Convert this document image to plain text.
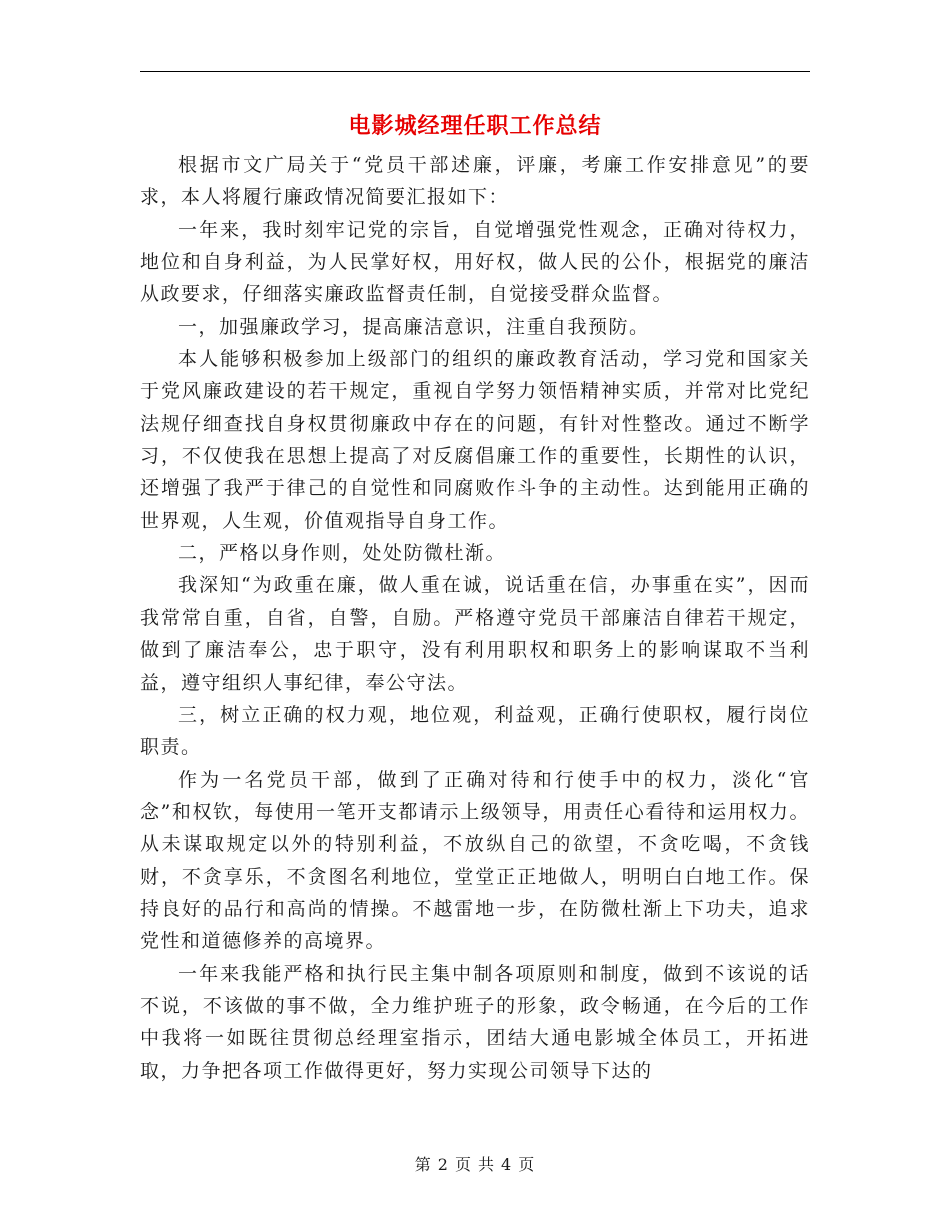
电影城经理任职工作总结

根据市文广局关于“党员干部述廉，评廉，考廉工作安排意见”的要求，本人将履行廉政情况简要汇报如下：

一年来，我时刻牢记党的宗旨，自觉增强党性观念，正确对待权力，地位和自身利益，为人民掌好权，用好权，做人民的公仆，根据党的廉洁从政要求，仔细落实廉政监督责任制，自觉接受群众监督。

一，加强廉政学习，提高廉洁意识，注重自我预防。

本人能够积极参加上级部门的组织的廉政教育活动，学习党和国家关于党风廉政建设的若干规定，重视自学努力领悟精神实质，并常对比党纪法规仔细查找自身权贯彻廉政中存在的问题，有针对性整改。通过不断学习，不仅使我在思想上提高了对反腐倡廉工作的重要性，长期性的认识，还增强了我严于律己的自觉性和同腐败作斗争的主动性。达到能用正确的世界观，人生观，价值观指导自身工作。

二，严格以身作则，处处防微杜渐。

我深知“为政重在廉，做人重在诚，说话重在信，办事重在实”，因而我常常自重，自省，自警，自励。严格遵守党员干部廉洁自律若干规定，做到了廉洁奉公，忠于职守，没有利用职权和职务上的影响谋取不当利益，遵守组织人事纪律，奉公守法。

三，树立正确的权力观，地位观，利益观，正确行使职权，履行岗位职责。

作为一名党员干部，做到了正确对待和行使手中的权力，淡化“官念”和权钦，每使用一笔开支都请示上级领导，用责任心看待和运用权力。从未谋取规定以外的特别利益，不放纵自己的欲望，不贪吃喝，不贪钱财，不贪享乐，不贪图名利地位，堂堂正正地做人，明明白白地工作。保持良好的品行和高尚的情操。不越雷地一步，在防微杜渐上下功夫，追求党性和道德修养的高境界。

一年来我能严格和执行民主集中制各项原则和制度，做到不该说的话不说，不该做的事不做，全力维护班子的形象，政令畅通，在今后的工作中我将一如既往贯彻总经理室指示，团结大通电影城全体员工，开拓进取，力争把各项工作做得更好，努力实现公司领导下达的

第 2 页 共 4 页
